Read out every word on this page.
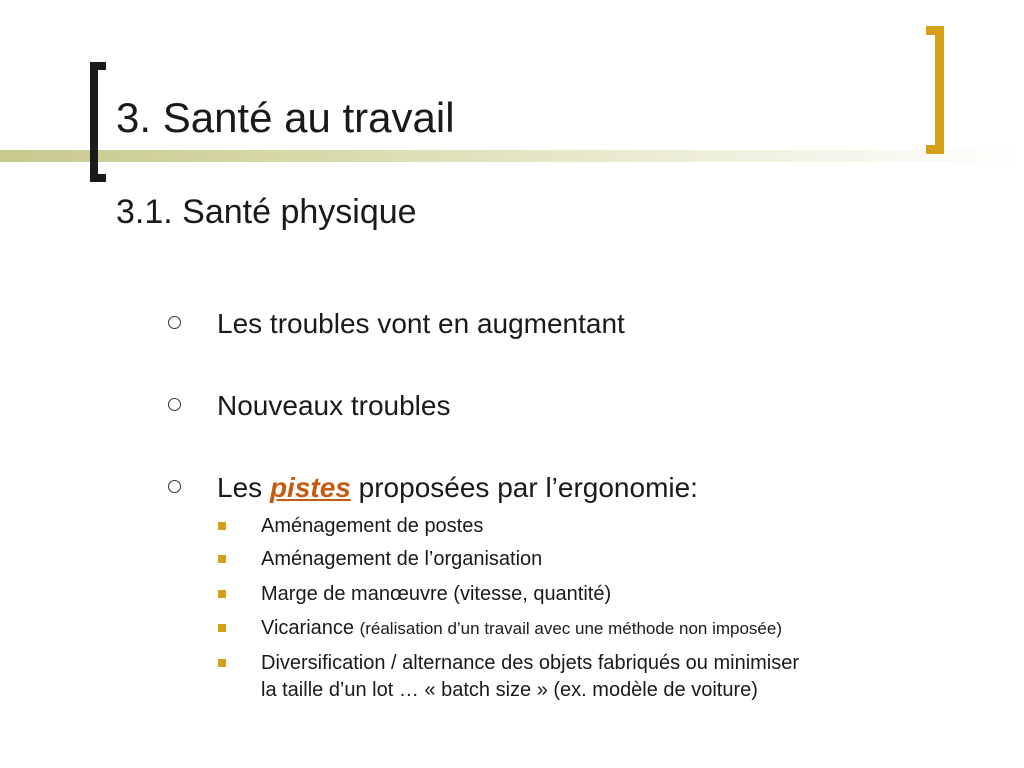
3. Santé au travail
3.1. Santé physique
Les troubles vont en augmentant
Nouveaux troubles
Les pistes proposées par l’ergonomie:
Aménagement de postes
Aménagement de l’organisation
Marge de manœuvre (vitesse, quantité)
Vicariance (réalisation d’un travail avec une méthode non imposée)
Diversification / alternance des objets fabriqués ou minimiser
la taille d’un lot … « batch size » (ex. modèle de voiture)
